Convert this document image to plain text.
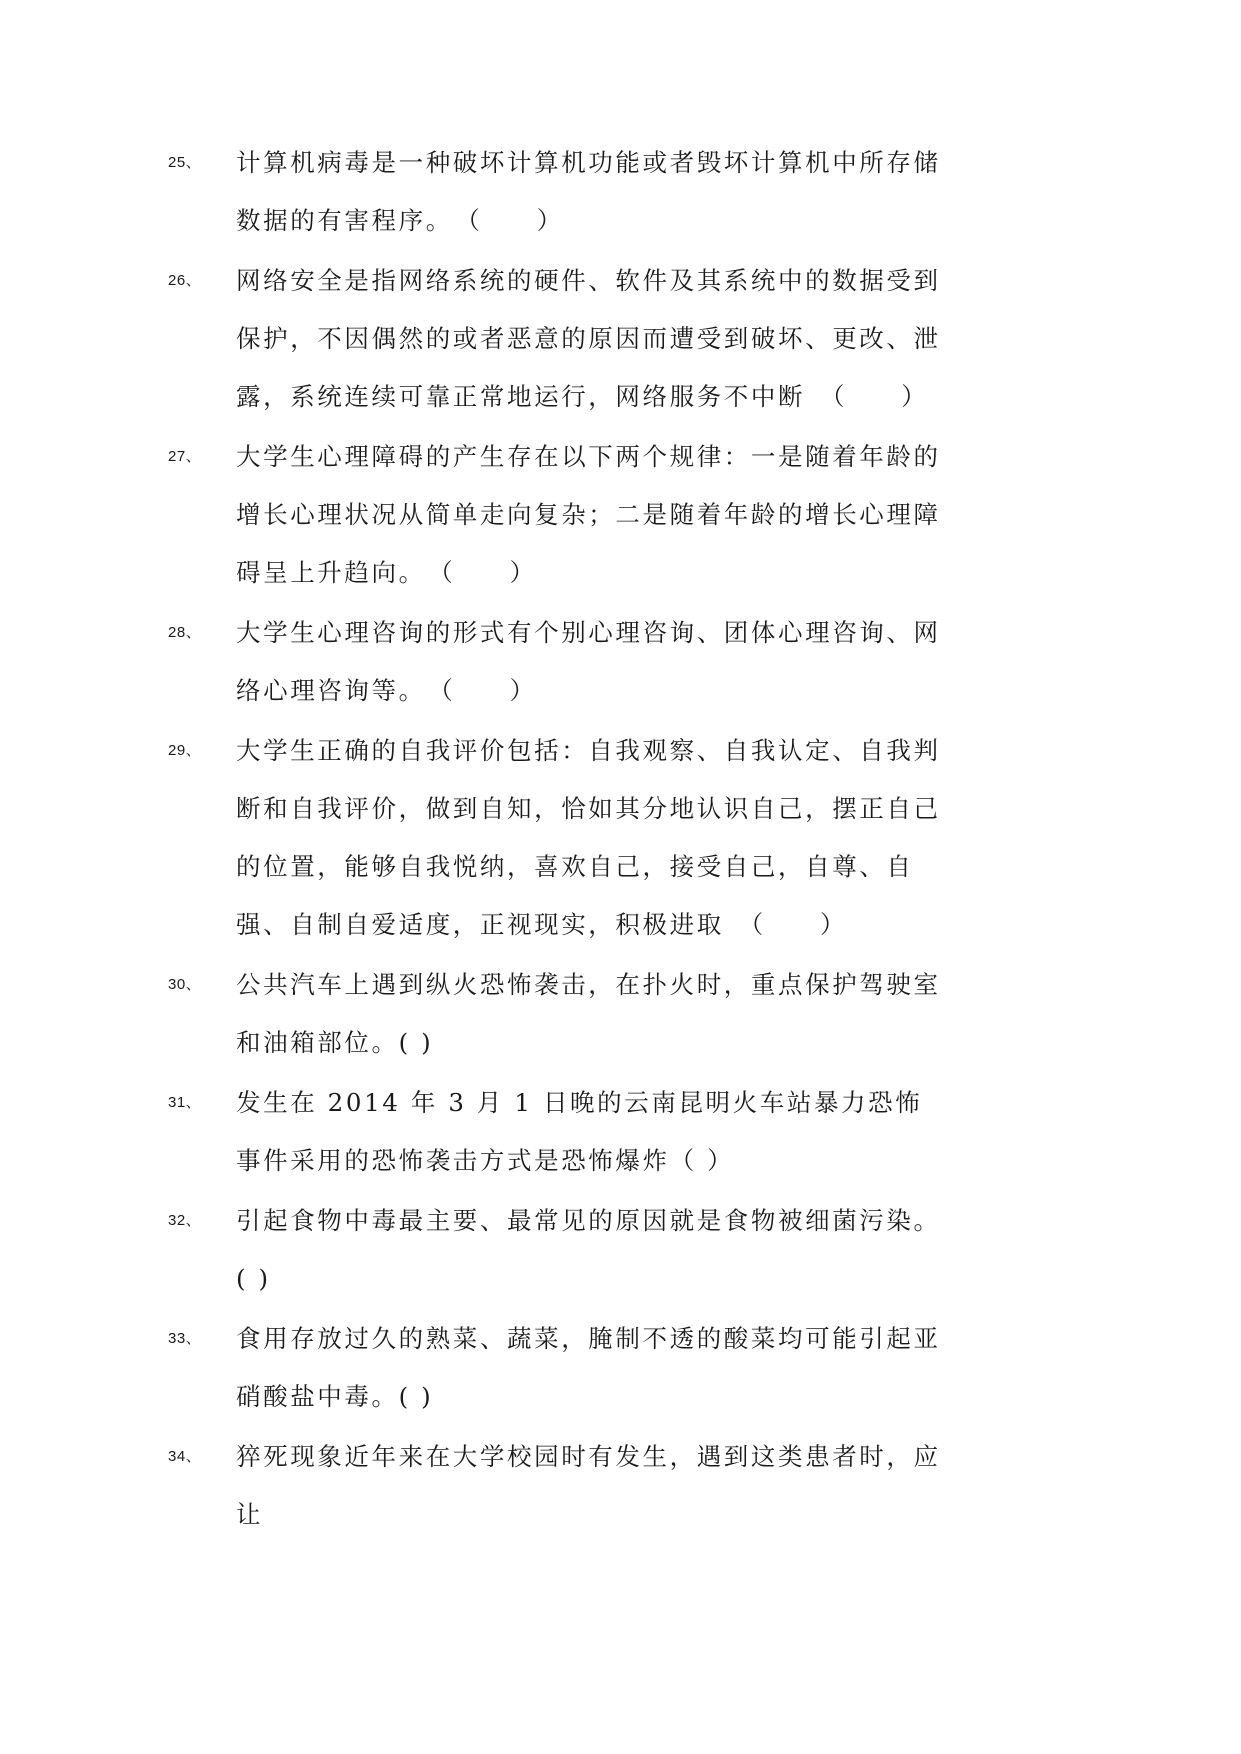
25、	计算机病毒是一种破坏计算机功能或者毁坏计算机中所存储数据的有害程序。　（　　）
26、	网络安全是指网络系统的硬件、软件及其系统中的数据受到保护，不因偶然的或者恶意的原因而遭受到破坏、更改、泄露，系统连续可靠正常地运行，网络服务不中断　（　　）
27、	大学生心理障碍的产生存在以下两个规律：一是随着年龄的增长心理状况从简单走向复杂；二是随着年龄的增长心理障碍呈上升趋向。　（　　）
28、	大学生心理咨询的形式有个别心理咨询、团体心理咨询、网络心理咨询等。　（　　）
29、	大学生正确的自我评价包括：自我观察、自我认定、自我判断和自我评价，做到自知，恰如其分地认识自己，摆正自己的位置，能够自我悦纳，喜欢自己，接受自己，自尊、自强、自制自爱适度，正视现实，积极进取　（　　）
30、	公共汽车上遇到纵火恐怖袭击，在扑火时，重点保护驾驶室和油箱部位。( )
31、	发生在 2014 年 3 月 1 日晚的云南昆明火车站暴力恐怖事件采用的恐怖袭击方式是恐怖爆炸（ ）
32、	引起食物中毒最主要、最常见的原因就是食物被细菌污染。( )
33、	食用存放过久的熟菜、蔬菜，腌制不透的酸菜均可能引起亚硝酸盐中毒。( )
34、	猝死现象近年来在大学校园时有发生，遇到这类患者时，应让
